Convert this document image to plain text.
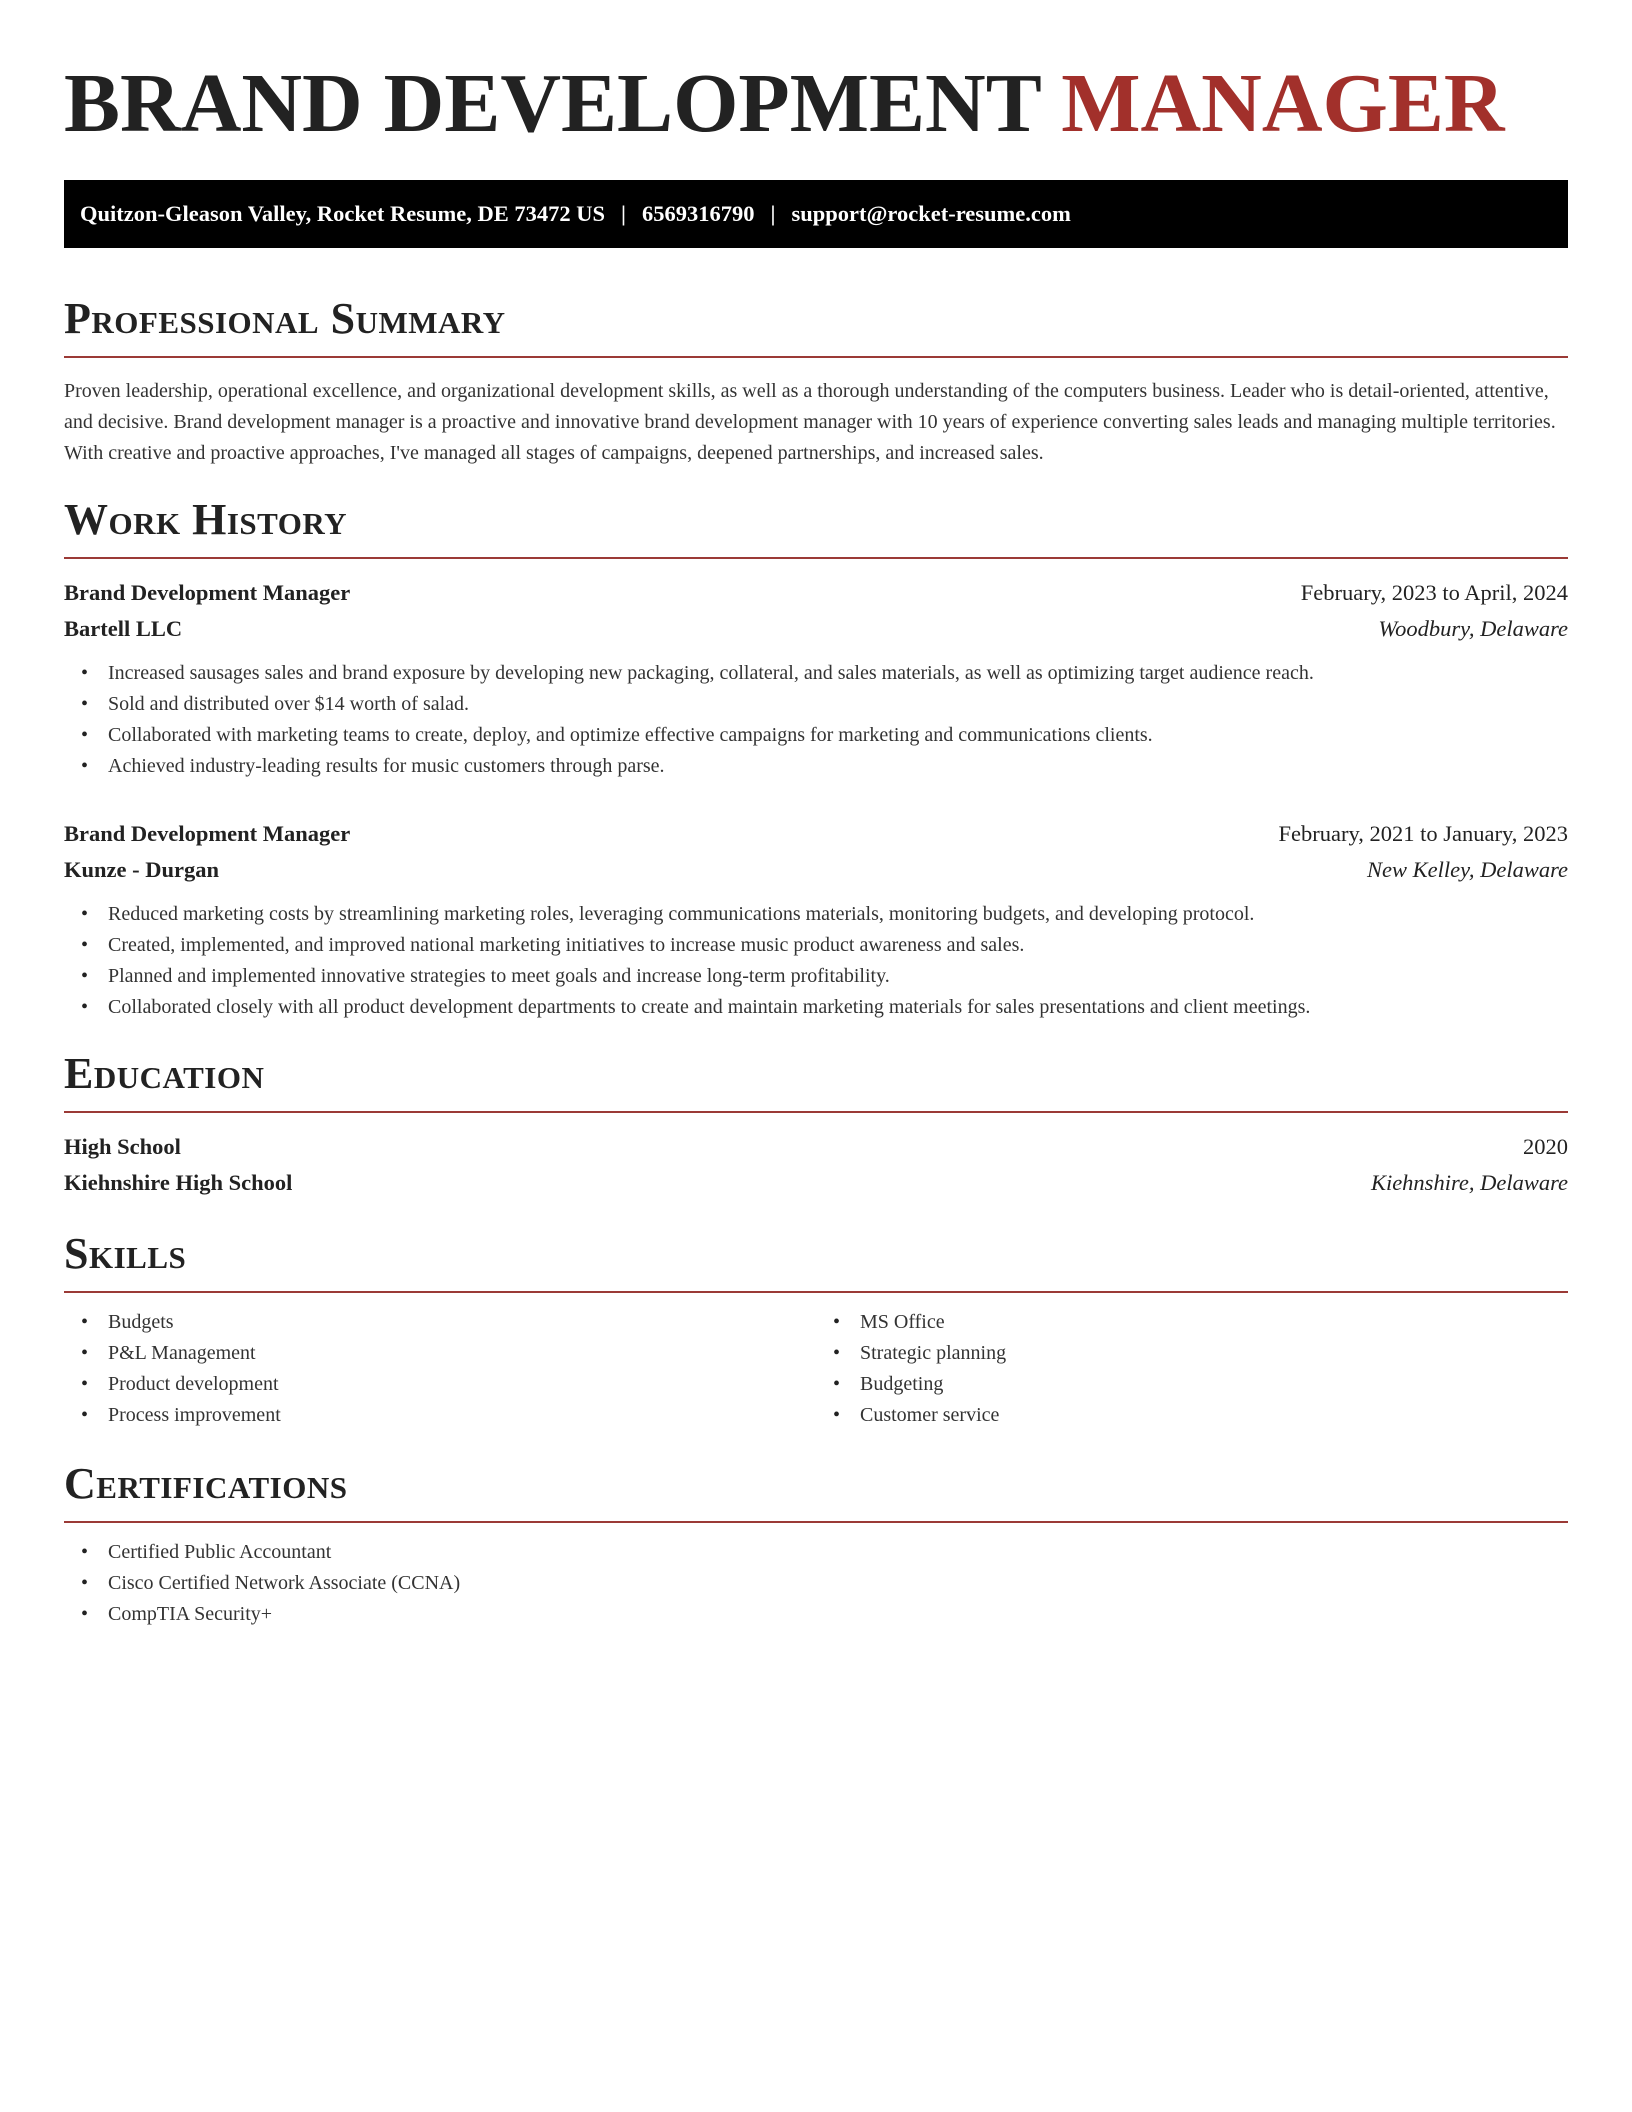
BRAND DEVELOPMENT MANAGER
Quitzon-Gleason Valley, Rocket Resume, DE 73472 US | 6569316790 | support@rocket-resume.com
Professional Summary

Proven leadership, operational excellence, and organizational development skills, as well as a thorough understanding of the computers business. Leader who is detail-oriented, attentive, and decisive. Brand development manager is a proactive and innovative brand development manager with 10 years of experience converting sales leads and managing multiple territories. With creative and proactive approaches, I've managed all stages of campaigns, deepened partnerships, and increased sales.

Work History
Brand Development Manager	February, 2023 to April, 2024
Bartell LLC	Woodbury, Delaware
• Increased sausages sales and brand exposure by developing new packaging, collateral, and sales materials, as well as optimizing target audience reach.
• Sold and distributed over $14 worth of salad.
• Collaborated with marketing teams to create, deploy, and optimize effective campaigns for marketing and communications clients.
• Achieved industry-leading results for music customers through parse.
Brand Development Manager	February, 2021 to January, 2023
Kunze - Durgan	New Kelley, Delaware
• Reduced marketing costs by streamlining marketing roles, leveraging communications materials, monitoring budgets, and developing protocol.
• Created, implemented, and improved national marketing initiatives to increase music product awareness and sales.
• Planned and implemented innovative strategies to meet goals and increase long-term profitability.
• Collaborated closely with all product development departments to create and maintain marketing materials for sales presentations and client meetings.
Education
High School	2020
Kiehnshire High School	Kiehnshire, Delaware
Skills
• Budgets
• P&L Management
• Product development
• Process improvement
• MS Office
• Strategic planning
• Budgeting
• Customer service
Certifications
• Certified Public Accountant
• Cisco Certified Network Associate (CCNA)
• CompTIA Security+
